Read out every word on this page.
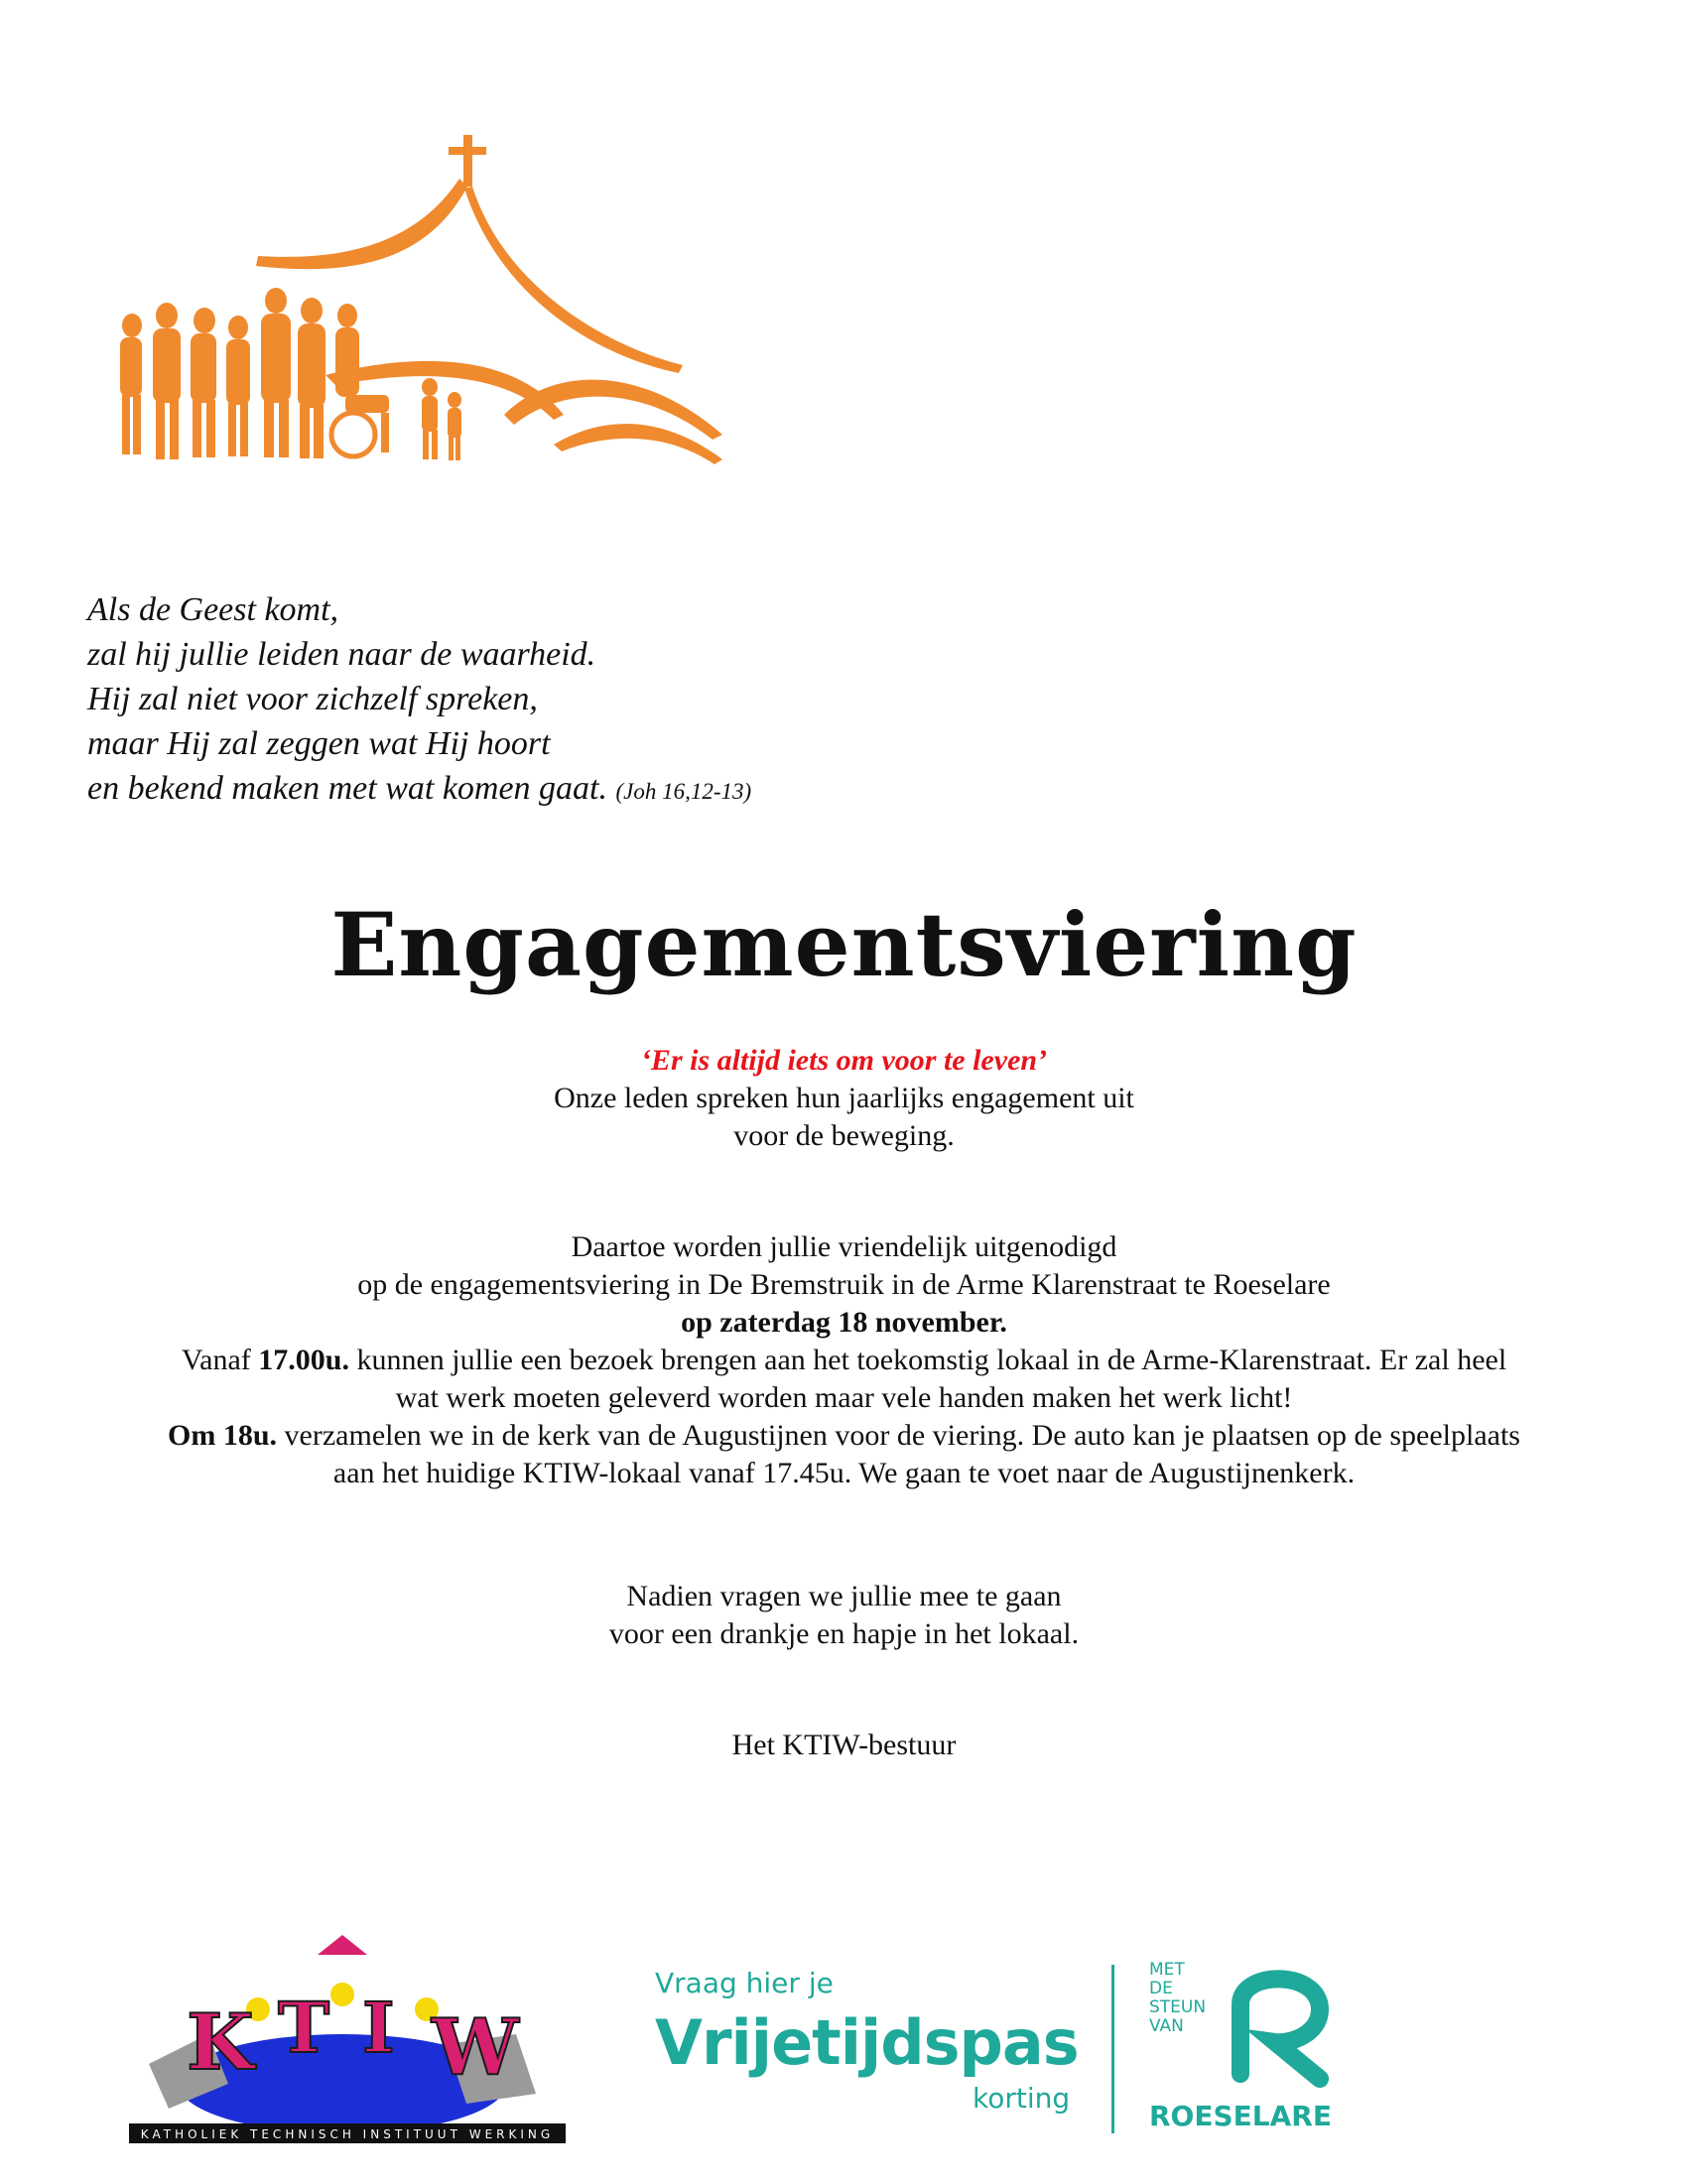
Als de Geest komt,
zal hij jullie leiden naar de waarheid.
Hij zal niet voor zichzelf spreken,
maar Hij zal zeggen wat Hij hoort
en bekend maken met wat komen gaat. (Joh 16,12-13)
Engagementsviering
‘Er is altijd iets om voor te leven’
Onze leden spreken hun jaarlijks engagement uit
voor de beweging.
Daartoe worden jullie vriendelijk uitgenodigd
op de engagementsviering in De Bremstruik in de Arme Klarenstraat te Roeselare
op zaterdag 18 november.
Vanaf 17.00u. kunnen jullie een bezoek brengen aan het toekomstig lokaal in de Arme-Klarenstraat. Er zal heel
wat werk moeten geleverd worden maar vele handen maken het werk licht!
Om 18u. verzamelen we in de kerk van de Augustijnen voor de viering. De auto kan je plaatsen op de speelplaats
aan het huidige KTIW-lokaal vanaf 17.45u. We gaan te voet naar de Augustijnenkerk.
Nadien vragen we jullie mee te gaan
voor een drankje en hapje in het lokaal.
Het KTIW-bestuur
K T I W
KATHOLIEK TECHNISCH INSTITUUT WERKING
Vraag hier je
Vrijetijdspas
korting
MET
DE
STEUN
VAN
ROESELARE
